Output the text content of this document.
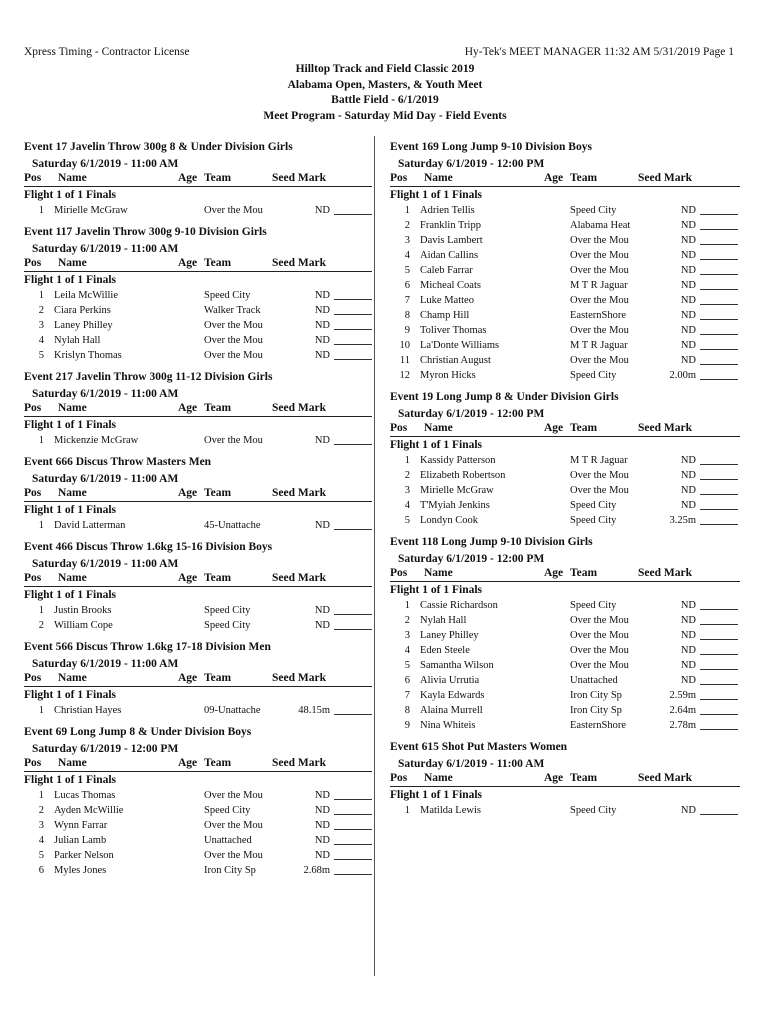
Xpress Timing - Contractor License	Hy-Tek's MEET MANAGER 11:32 AM 5/31/2019 Page 1
Hilltop Track and Field Classic 2019
Alabama Open, Masters, & Youth Meet
Battle Field - 6/1/2019
Meet Program - Saturday Mid Day - Field Events
Event 17 Javelin Throw 300g 8 & Under Division Girls
Saturday 6/1/2019 - 11:00 AM
Pos Name	Age Team	Seed Mark
Flight 1 of 1 Finals
1 Mirielle McGraw	Over the Mou	ND
Event 117 Javelin Throw 300g 9-10 Division Girls
Saturday 6/1/2019 - 11:00 AM
Pos Name	Age Team	Seed Mark
Flight 1 of 1 Finals
1 Leila McWillie	Speed City	ND
2 Ciara Perkins	Walker Track	ND
3 Laney Philley	Over the Mou	ND
4 Nylah Hall	Over the Mou	ND
5 Krislyn Thomas	Over the Mou	ND
Event 217 Javelin Throw 300g 11-12 Division Girls
Saturday 6/1/2019 - 11:00 AM
Pos Name	Age Team	Seed Mark
Flight 1 of 1 Finals
1 Mickenzie McGraw	Over the Mou	ND
Event 666 Discus Throw Masters Men
Saturday 6/1/2019 - 11:00 AM
Pos Name	Age Team	Seed Mark
Flight 1 of 1 Finals
1 David Latterman	45-Unattache	ND
Event 466 Discus Throw 1.6kg 15-16 Division Boys
Saturday 6/1/2019 - 11:00 AM
Pos Name	Age Team	Seed Mark
Flight 1 of 1 Finals
1 Justin Brooks	Speed City	ND
2 William Cope	Speed City	ND
Event 566 Discus Throw 1.6kg 17-18 Division Men
Saturday 6/1/2019 - 11:00 AM
Pos Name	Age Team	Seed Mark
Flight 1 of 1 Finals
1 Christian Hayes	09-Unattache	48.15m
Event 69 Long Jump 8 & Under Division Boys
Saturday 6/1/2019 - 12:00 PM
Pos Name	Age Team	Seed Mark
Flight 1 of 1 Finals
1 Lucas Thomas	Over the Mou	ND
2 Ayden McWillie	Speed City	ND
3 Wynn Farrar	Over the Mou	ND
4 Julian Lamb	Unattached	ND
5 Parker Nelson	Over the Mou	ND
6 Myles Jones	Iron City Sp	2.68m
Event 169 Long Jump 9-10 Division Boys
Saturday 6/1/2019 - 12:00 PM
Pos Name	Age Team	Seed Mark
Flight 1 of 1 Finals
1 Adrien Tellis	Speed City	ND
2 Franklin Tripp	Alabama Heat	ND
3 Davis Lambert	Over the Mou	ND
4 Aidan Callins	Over the Mou	ND
5 Caleb Farrar	Over the Mou	ND
6 Micheal Coats	M T R Jaguar	ND
7 Luke Matteo	Over the Mou	ND
8 Champ Hill	EasternShore	ND
9 Toliver Thomas	Over the Mou	ND
10 La'Donte Williams	M T R Jaguar	ND
11 Christian August	Over the Mou	ND
12 Myron Hicks	Speed City	2.00m
Event 19 Long Jump 8 & Under Division Girls
Saturday 6/1/2019 - 12:00 PM
Pos Name	Age Team	Seed Mark
Flight 1 of 1 Finals
1 Kassidy Patterson	M T R Jaguar	ND
2 Elizabeth Robertson	Over the Mou	ND
3 Mirielle McGraw	Over the Mou	ND
4 T'Myiah Jenkins	Speed City	ND
5 Londyn Cook	Speed City	3.25m
Event 118 Long Jump 9-10 Division Girls
Saturday 6/1/2019 - 12:00 PM
Pos Name	Age Team	Seed Mark
Flight 1 of 1 Finals
1 Cassie Richardson	Speed City	ND
2 Nylah Hall	Over the Mou	ND
3 Laney Philley	Over the Mou	ND
4 Eden Steele	Over the Mou	ND
5 Samantha Wilson	Over the Mou	ND
6 Alivia Urrutia	Unattached	ND
7 Kayla Edwards	Iron City Sp	2.59m
8 Alaina Murrell	Iron City Sp	2.64m
9 Nina Whiteis	EasternShore	2.78m
Event 615 Shot Put Masters Women
Saturday 6/1/2019 - 11:00 AM
Pos Name	Age Team	Seed Mark
Flight 1 of 1 Finals
1 Matilda Lewis	Speed City	ND
